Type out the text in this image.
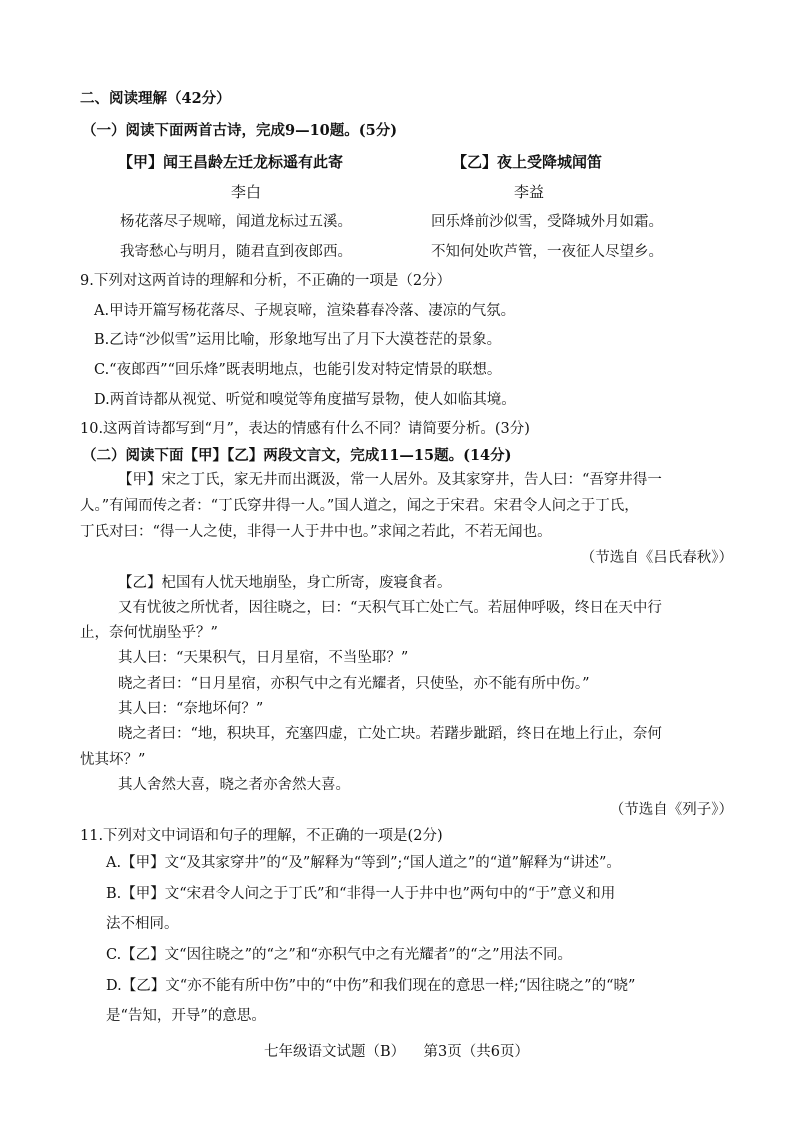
二、阅读理解（42分）
（一）阅读下面两首古诗，完成9—10题。(5分)
【甲】闻王昌龄左迁龙标遥有此寄	【乙】夜上受降城闻笛
李白	李益
杨花落尽子规啼，闻道龙标过五溪。	回乐烽前沙似雪，受降城外月如霜。
我寄愁心与明月，随君直到夜郎西。	不知何处吹芦管，一夜征人尽望乡。
9.下列对这两首诗的理解和分析，不正确的一项是（2分）
A.甲诗开篇写杨花落尽、子规哀啼，渲染暮春冷落、凄凉的气氛。
B.乙诗“沙似雪”运用比喻，形象地写出了月下大漠苍茫的景象。
C.“夜郎西”“回乐烽”既表明地点，也能引发对特定情景的联想。
D.两首诗都从视觉、听觉和嗅觉等角度描写景物，使人如临其境。
10.这两首诗都写到“月”，表达的情感有什么不同？请简要分析。(3分)
（二）阅读下面【甲】【乙】两段文言文，完成11—15题。(14分)
【甲】宋之丁氏，家无井而出溉汲，常一人居外。及其家穿井，告人曰：“吾穿井得一
人。”有闻而传之者：“丁氏穿井得一人。”国人道之，闻之于宋君。宋君令人问之于丁氏，
丁氏对曰：“得一人之使，非得一人于井中也。”求闻之若此，不若无闻也。
（节选自《吕氏春秋》）
【乙】杞国有人忧天地崩坠，身亡所寄，废寝食者。
又有忧彼之所忧者，因往晓之，曰：“天积气耳亡处亡气。若屈伸呼吸，终日在天中行
止，奈何忧崩坠乎？”
其人曰：“天果积气，日月星宿，不当坠耶？”
晓之者曰：“日月星宿，亦积气中之有光耀者，只使坠，亦不能有所中伤。”
其人曰：“奈地坏何？”
晓之者曰：“地，积块耳，充塞四虚，亡处亡块。若躇步跐蹈，终日在地上行止，奈何
忧其坏？”
其人舍然大喜，晓之者亦舍然大喜。
（节选自《列子》）
11.下列对文中词语和句子的理解，不正确的一项是(2分)
A.【甲】文“及其家穿井”的“及”解释为“等到”;“国人道之”的“道”解释为“讲述”。
B.【甲】文“宋君令人问之于丁氏”和“非得一人于井中也”两句中的“于”意义和用
法不相同。
C.【乙】文“因往晓之”的“之”和“亦积气中之有光耀者”的“之”用法不同。
D.【乙】文“亦不能有所中伤”中的“中伤”和我们现在的意思一样;“因往晓之”的“晓”
是“告知，开导”的意思。
七年级语文试题（B）    第3页（共6页）
